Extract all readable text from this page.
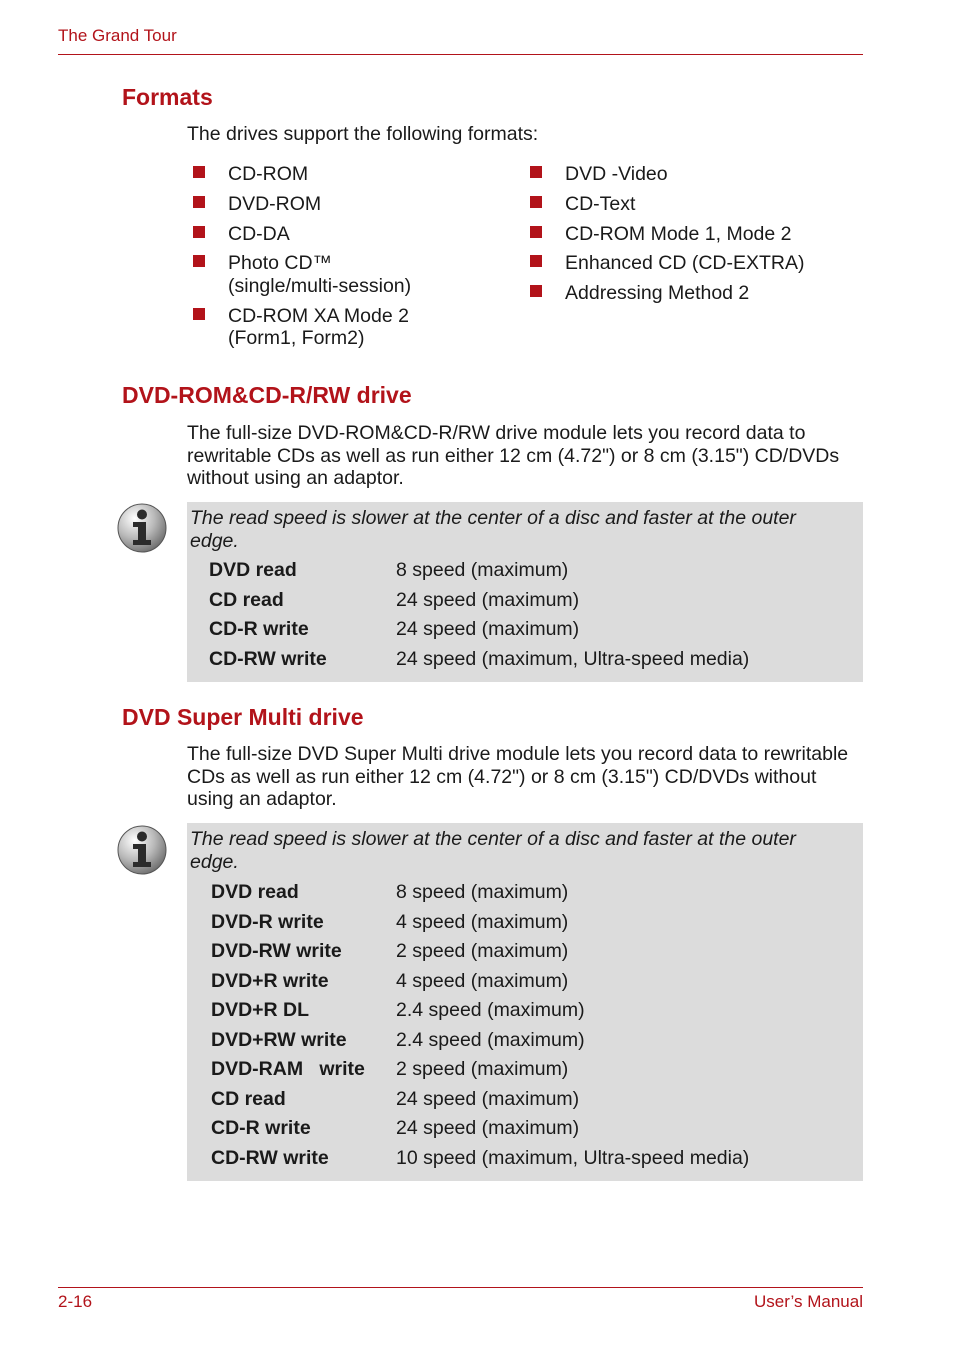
The Grand Tour
Formats

The drives support the following formats:

CD-ROM
DVD-ROM
CD-DA
Photo CD™
(single/multi-session)
CD-ROM XA Mode 2
(Form1, Form2)
DVD -Video
CD-Text
CD-ROM Mode 1, Mode 2
Enhanced CD (CD-EXTRA)
Addressing Method 2
DVD-ROM&CD-R/RW drive

The full-size DVD-ROM&CD-R/RW drive module lets you record data to rewritable CDs as well as run either 12 cm (4.72") or 8 cm (3.15") CD/DVDs without using an adaptor.

The read speed is slower at the center of a disc and faster at the outer edge.
DVD read	8 speed (maximum)
CD read	24 speed (maximum)
CD-R write	24 speed (maximum)
CD-RW write	24 speed (maximum, Ultra-speed media)
DVD Super Multi drive

The full-size DVD Super Multi drive module lets you record data to rewritable CDs as well as run either 12 cm (4.72") or 8 cm (3.15") CD/DVDs without using an adaptor.

The read speed is slower at the center of a disc and faster at the outer edge.
DVD read	8 speed (maximum)
DVD-R write	4 speed (maximum)
DVD-RW write	2 speed (maximum)
DVD+R write	4 speed (maximum)
DVD+R DL	2.4 speed (maximum)
DVD+RW write	2.4 speed (maximum)
DVD-RAM   write 2 speed (maximum)
CD read	24 speed (maximum)
CD-R write	24 speed (maximum)
CD-RW write	10 speed (maximum, Ultra-speed media)
2-16	User’s Manual
